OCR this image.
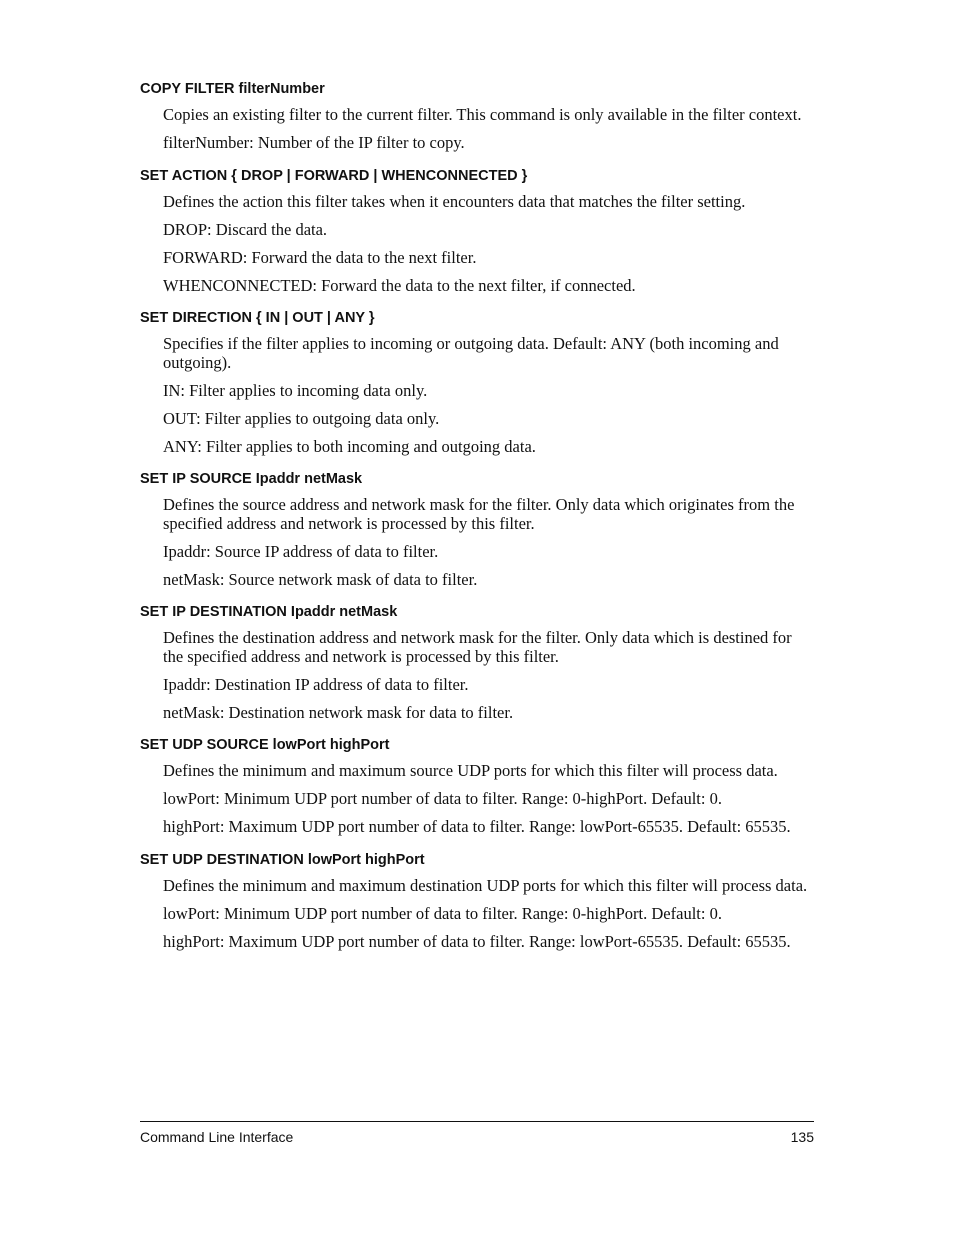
COPY FILTER filterNumber
Copies an existing filter to the current filter. This command is only available in the filter context.
filterNumber: Number of the IP filter to copy.
SET ACTION { DROP | FORWARD | WHENCONNECTED }
Defines the action this filter takes when it encounters data that matches the filter setting.
DROP: Discard the data.
FORWARD: Forward the data to the next filter.
WHENCONNECTED: Forward the data to the next filter, if connected.
SET DIRECTION { IN | OUT | ANY }
Specifies if the filter applies to incoming or outgoing data. Default: ANY (both incoming and outgoing).
IN: Filter applies to incoming data only.
OUT: Filter applies to outgoing data only.
ANY: Filter applies to both incoming and outgoing data.
SET IP SOURCE Ipaddr netMask
Defines the source address and network mask for the filter. Only data which originates from the specified address and network is processed by this filter.
Ipaddr: Source IP address of data to filter.
netMask: Source network mask of data to filter.
SET IP DESTINATION Ipaddr netMask
Defines the destination address and network mask for the filter. Only data which is destined for the specified address and network is processed by this filter.
Ipaddr: Destination IP address of data to filter.
netMask: Destination network mask for data to filter.
SET UDP SOURCE lowPort highPort
Defines the minimum and maximum source UDP ports for which this filter will process data.
lowPort: Minimum UDP port number of data to filter. Range: 0-highPort. Default: 0.
highPort: Maximum UDP port number of data to filter. Range: lowPort-65535. Default: 65535.
SET UDP DESTINATION lowPort highPort
Defines the minimum and maximum destination UDP ports for which this filter will process data.
lowPort: Minimum UDP port number of data to filter. Range: 0-highPort. Default: 0.
highPort: Maximum UDP port number of data to filter. Range: lowPort-65535. Default: 65535.
Command Line Interface	135
